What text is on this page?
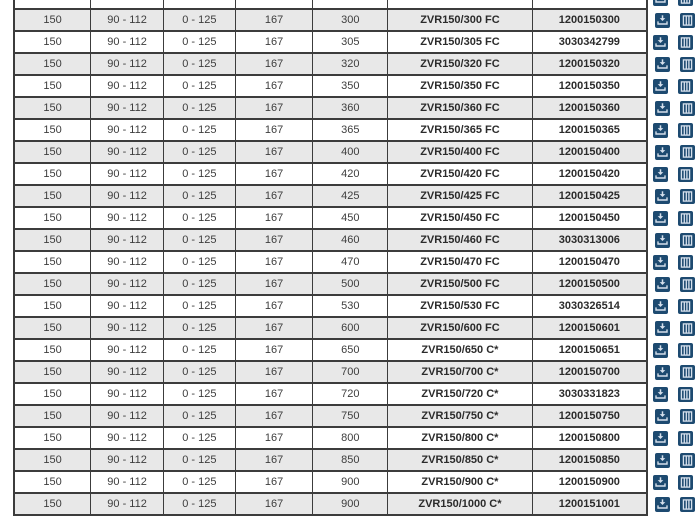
150	90 - 112	0 - 125	167	300	ZVR150/300 FC	1200150300	

150	90 - 112	0 - 125	167	305	ZVR150/305 FC	3030342799	

150	90 - 112	0 - 125	167	320	ZVR150/320 FC	1200150320	

150	90 - 112	0 - 125	167	350	ZVR150/350 FC	1200150350	

150	90 - 112	0 - 125	167	360	ZVR150/360 FC	1200150360	

150	90 - 112	0 - 125	167	365	ZVR150/365 FC	1200150365	

150	90 - 112	0 - 125	167	400	ZVR150/400 FC	1200150400	

150	90 - 112	0 - 125	167	420	ZVR150/420 FC	1200150420	

150	90 - 112	0 - 125	167	425	ZVR150/425 FC	1200150425	

150	90 - 112	0 - 125	167	450	ZVR150/450 FC	1200150450	

150	90 - 112	0 - 125	167	460	ZVR150/460 FC	3030313006	

150	90 - 112	0 - 125	167	470	ZVR150/470 FC	1200150470	

150	90 - 112	0 - 125	167	500	ZVR150/500 FC	1200150500	

150	90 - 112	0 - 125	167	530	ZVR150/530 FC	3030326514	

150	90 - 112	0 - 125	167	600	ZVR150/600 FC	1200150601	

150	90 - 112	0 - 125	167	650	ZVR150/650 C*	1200150651	

150	90 - 112	0 - 125	167	700	ZVR150/700 C*	1200150700	

150	90 - 112	0 - 125	167	720	ZVR150/720 C*	3030331823	

150	90 - 112	0 - 125	167	750	ZVR150/750 C*	1200150750	

150	90 - 112	0 - 125	167	800	ZVR150/800 C*	1200150800	

150	90 - 112	0 - 125	167	850	ZVR150/850 C*	1200150850	

150	90 - 112	0 - 125	167	900	ZVR150/900 C*	1200150900	

150	90 - 112	0 - 125	167	900	ZVR150/1000 C*	1200151001	
